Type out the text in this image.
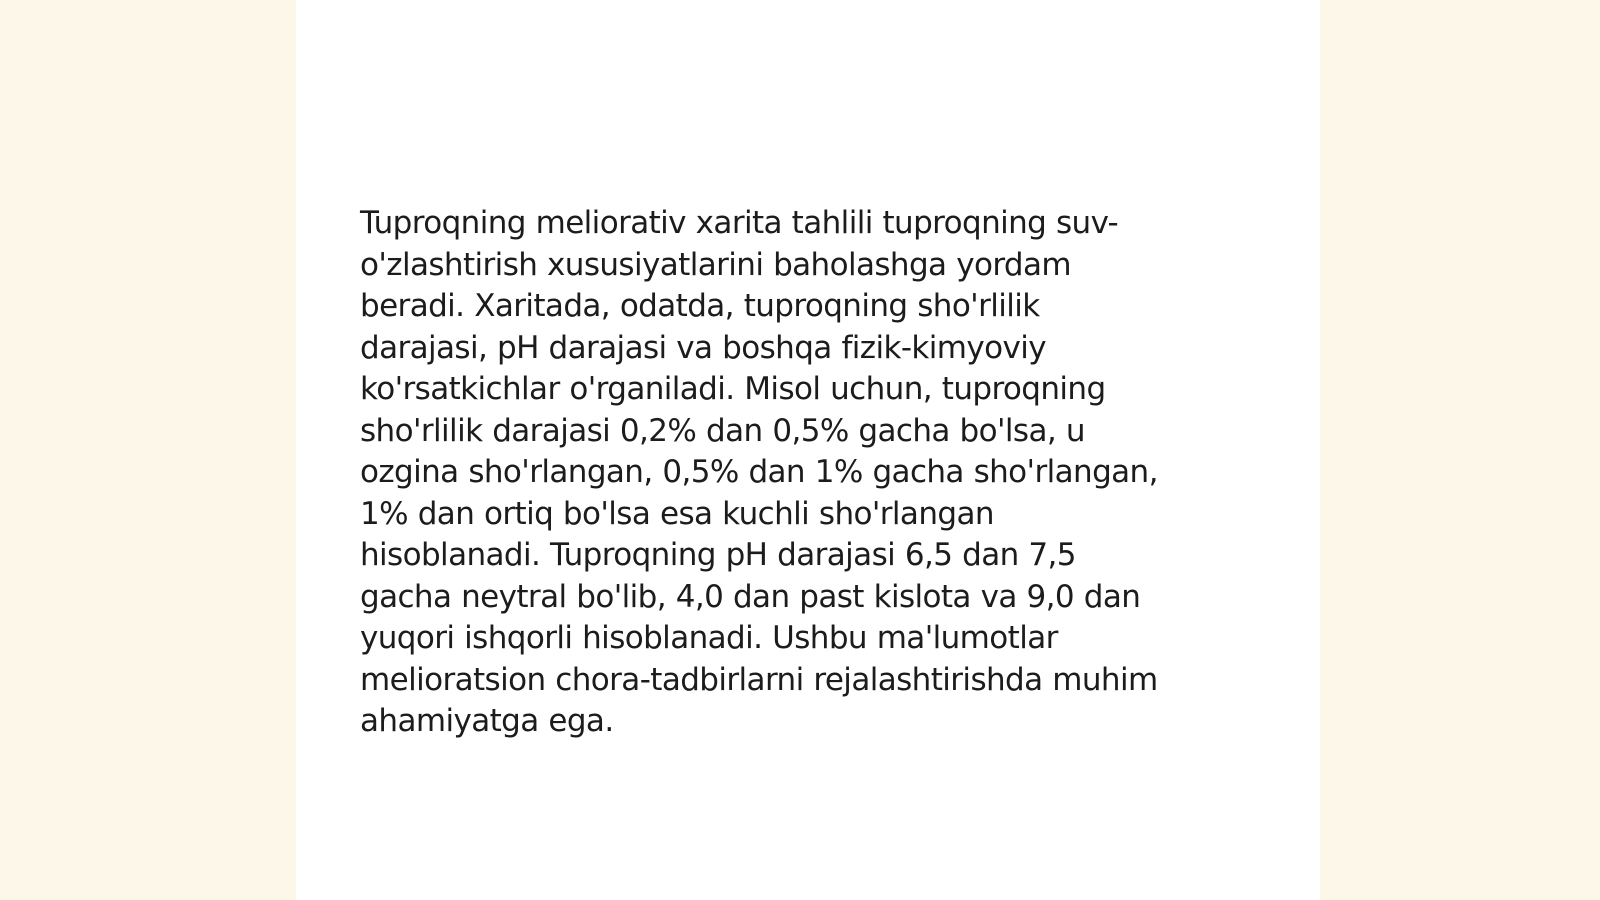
Tuproqning meliorativ xarita tahlili tuproqning suv-
o'zlashtirish xususiyatlarini baholashga yordam
beradi. Xaritada, odatda, tuproqning sho'rlilik
darajasi, pH darajasi va boshqa fizik-kimyoviy
ko'rsatkichlar o'rganiladi. Misol uchun, tuproqning
sho'rlilik darajasi 0,2% dan 0,5% gacha bo'lsa, u
ozgina sho'rlangan, 0,5% dan 1% gacha sho'rlangan,
1% dan ortiq bo'lsa esa kuchli sho'rlangan
hisoblanadi. Tuproqning pH darajasi 6,5 dan 7,5
gacha neytral bo'lib, 4,0 dan past kislota va 9,0 dan
yuqori ishqorli hisoblanadi. Ushbu ma'lumotlar
melioratsion chora-tadbirlarni rejalashtirishda muhim
ahamiyatga ega.
